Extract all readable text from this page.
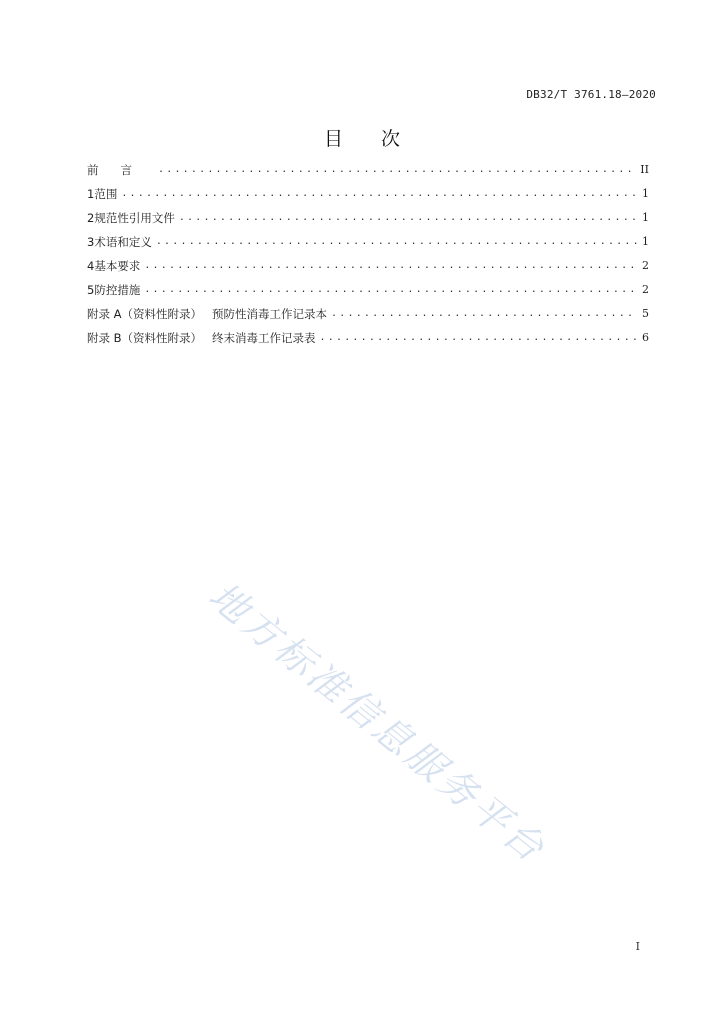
DB32/T 3761.18—2020
目 次
前言 .....	II
1 范围 .....	1
2 规范性引用文件 .....	1
3 术语和定义 .....	1
4 基本要求 .....	2
5 防控措施 .....	2
附录 A（资料性附录） 预防性消毒工作记录本 .....	5
附录 B（资料性附录） 终末消毒工作记录表 .....	6
地方标准信息服务平台
I
